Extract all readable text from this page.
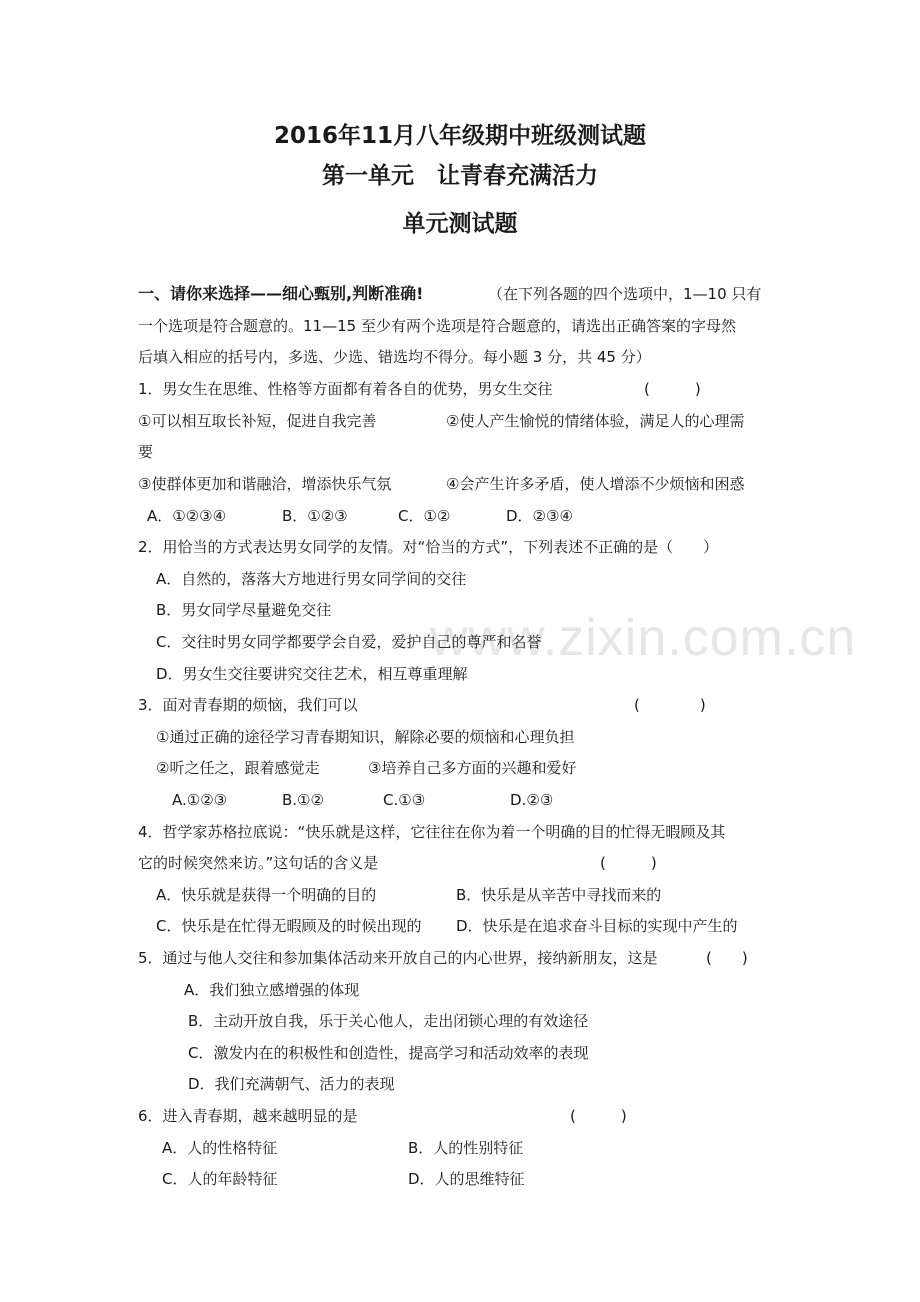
www.zixin.com.cn
2016年11月八年级期中班级测试题
第一单元　让青春充满活力
单元测试题
一、请你来选择——细心甄别,判断准确!	（在下列各题的四个选项中，1—10 只有
一个选项是符合题意的。11—15 至少有两个选项是符合题意的，请选出正确答案的字母然
后填入相应的括号内，多选、少选、错选均不得分。每小题 3 分，共 45 分）
1．男女生在思维、性格等方面都有着各自的优势，男女生交往	(　　　)
①可以相互取长补短，促进自我完善	②使人产生愉悦的情绪体验，满足人的心理需
要
③使群体更加和谐融洽，增添快乐气氛	④会产生许多矛盾，使人增添不少烦恼和困惑
A．①②③④	B．①②③	C．①②	D．②③④
2．用恰当的方式表达男女同学的友情。对“恰当的方式”，下列表述不正确的是（　　）
A．自然的，落落大方地进行男女同学间的交往
B．男女同学尽量避免交往
C．交往时男女同学都要学会自爱，爱护自己的尊严和名誉
D．男女生交往要讲究交往艺术，相互尊重理解
3．面对青春期的烦恼，我们可以	(　　　　)
①通过正确的途径学习青春期知识，解除必要的烦恼和心理负担
②听之任之，跟着感觉走	③培养自己多方面的兴趣和爱好
A.①②③	B.①②	C.①③	D.②③
4．哲学家苏格拉底说：“快乐就是这样，它往往在你为着一个明确的目的忙得无暇顾及其
它的时候突然来访。”这句话的含义是	(　　　)
A．快乐就是获得一个明确的目的	B．快乐是从辛苦中寻找而来的
C．快乐是在忙得无暇顾及的时候出现的 D．快乐是在追求奋斗目标的实现中产生的
5．通过与他人交往和参加集体活动来开放自己的内心世界，接纳新朋友，这是	(　　)
A．我们独立感增强的体现
B．主动开放自我，乐于关心他人，走出闭锁心理的有效途径
C．激发内在的积极性和创造性，提高学习和活动效率的表现
D．我们充满朝气、活力的表现
6．进入青春期，越来越明显的是	(　　　)
A．人的性格特征	B．人的性别特征
C．人的年龄特征	D．人的思维特征
